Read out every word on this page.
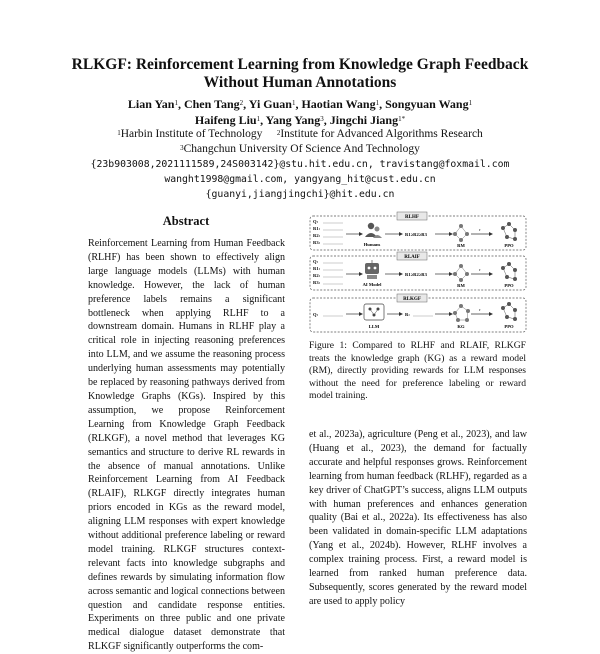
RLKGF: Reinforcement Learning from Knowledge Graph Feedback
Without Human Annotations
Lian Yan$^1$, Chen Tang$^2$, Yi Guan$^1$, Haotian Wang$^1$, Songyuan Wang$^1$
Haifeng Liu$^1$, Yang Yang$^3$, Jingchi Jiang$^{1*}$
$^1$Harbin Institute of Technology $^2$Institute for Advanced Algorithms Research
$^3$Changchun University Of Science And Technology
{23b903008,2021111589,24S003142}@stu.hit.edu.cn, travistang@foxmail.com
wanght1998@gmail.com, yangyang_hit@cust.edu.cn
{guanyi,jiangjingchi}@hit.edu.cn
Abstract

Reinforcement Learning from Human Feedback (RLHF) has been shown to effectively align large language models (LLMs) with human knowledge. However, the lack of human preference labels remains a significant bottleneck when applying RLHF to a downstream domain. Humans in RLHF play a critical role in injecting reasoning preferences into LLM, and we assume the reasoning process underlying human assessments may potentially be replaced by reasoning pathways derived from Knowledge Graphs (KGs). Inspired by this assumption, we propose Reinforcement Learning from Knowledge Graph Feedback (RLKGF), a novel method that leverages KG semantics and structure to derive RL rewards in the absence of manual annotations. Unlike Reinforcement Learning from AI Feedback (RLAIF), RLKGF directly integrates human priors encoded in KGs as the reward model, aligning LLM responses with expert knowledge without additional preference labeling or reward model training. RLKGF structures context-relevant facts into knowledge subgraphs and defines rewards by simulating information flow across semantic and logical connections between question and candidate response entities. Experiments on three public and one private medical dialogue dataset demonstrate that RLKGF significantly outperforms the com-

RLHF
Q:
R1:
R2:
R3:	Humans
R1≥R2≥R3
RM
r
PPO
RLAIF
Q:
R1:
R2:
R3:	AI Model
R1≥R2≥R3
RM
r
PPO
RLKGF
Q:
LLM
R:
KG
r
PPO
Figure 1: Compared to RLHF and RLAIF, RLKGF treats the knowledge graph (KG) as a reward model (RM), directly providing rewards for LLM responses without the need for preference labeling or reward model training.

et al., 2023a), agriculture (Peng et al., 2023), and law (Huang et al., 2023), the demand for factually accurate and helpful responses grows. Reinforcement learning from human feedback (RLHF), regarded as a key driver of ChatGPT’s success, aligns LLM outputs with human preferences and enhances generation quality (Bai et al., 2022a). Its effectiveness has also been validated in domain-specific LLM adaptations (Yang et al., 2024b). However, RLHF involves a complex training process. First, a reward model is learned from ranked human preference data. Subsequently, scores generated by the reward model are used to apply policy
